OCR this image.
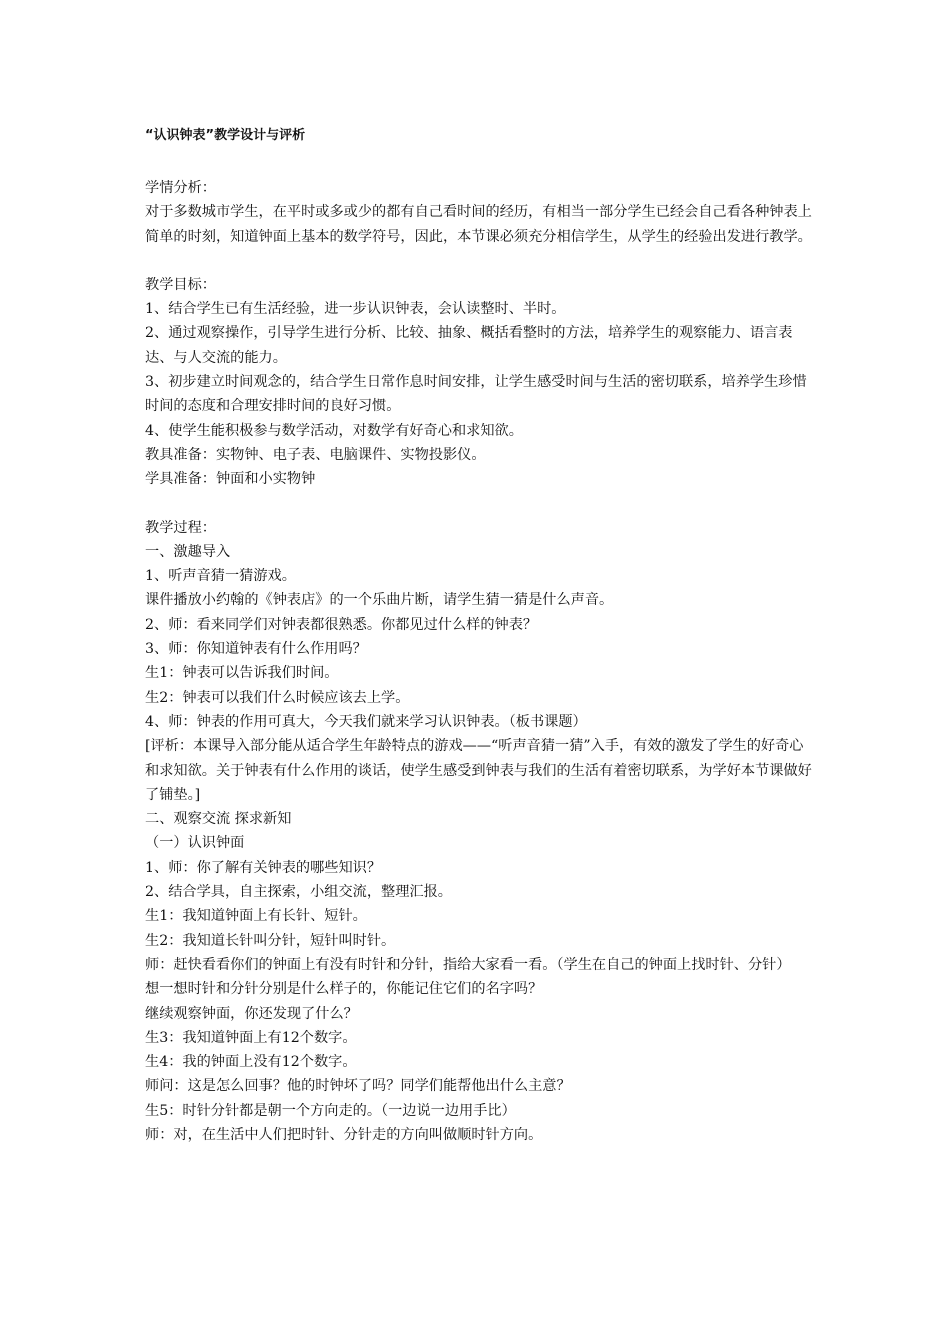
“认识钟表”教学设计与评析

学情分析：

对于多数城市学生，在平时或多或少的都有自己看时间的经历，有相当一部分学生已经会自己看各种钟表上简单的时刻，知道钟面上基本的数学符号，因此，本节课必须充分相信学生，从学生的经验出发进行教学。

教学目标：

1、结合学生已有生活经验，进一步认识钟表，会认读整时、半时。

2、通过观察操作，引导学生进行分析、比较、抽象、概括看整时的方法，培养学生的观察能力、语言表达、与人交流的能力。

3、初步建立时间观念的，结合学生日常作息时间安排，让学生感受时间与生活的密切联系，培养学生珍惜时间的态度和合理安排时间的良好习惯。

4、使学生能积极参与数学活动，对数学有好奇心和求知欲。

教具准备：实物钟、电子表、电脑课件、实物投影仪。

学具准备：钟面和小实物钟

教学过程：

一、激趣导入

1、听声音猜一猜游戏。

课件播放小约翰的《钟表店》的一个乐曲片断，请学生猜一猜是什么声音。

2、师：看来同学们对钟表都很熟悉。你都见过什么样的钟表？

3、师：你知道钟表有什么作用吗？

生1：钟表可以告诉我们时间。

生2：钟表可以我们什么时候应该去上学。

4、师：钟表的作用可真大，今天我们就来学习认识钟表。（板书课题）

[评析：本课导入部分能从适合学生年龄特点的游戏——“听声音猜一猜”入手，有效的激发了学生的好奇心和求知欲。关于钟表有什么作用的谈话，使学生感受到钟表与我们的生活有着密切联系，为学好本节课做好了铺垫。]

二、观察交流 探求新知

（一）认识钟面

1、师：你了解有关钟表的哪些知识？

2、结合学具，自主探索，小组交流，整理汇报。

生1：我知道钟面上有长针、短针。

生2：我知道长针叫分针，短针叫时针。

师：赶快看看你们的钟面上有没有时针和分针，指给大家看一看。（学生在自己的钟面上找时针、分针）

想一想时针和分针分别是什么样子的，你能记住它们的名字吗？

继续观察钟面，你还发现了什么？

生3：我知道钟面上有12个数字。

生4：我的钟面上没有12个数字。

师问：这是怎么回事？他的时钟坏了吗？同学们能帮他出什么主意？

生5：时针分针都是朝一个方向走的。（一边说一边用手比）

师：对，在生活中人们把时针、分针走的方向叫做顺时针方向。
